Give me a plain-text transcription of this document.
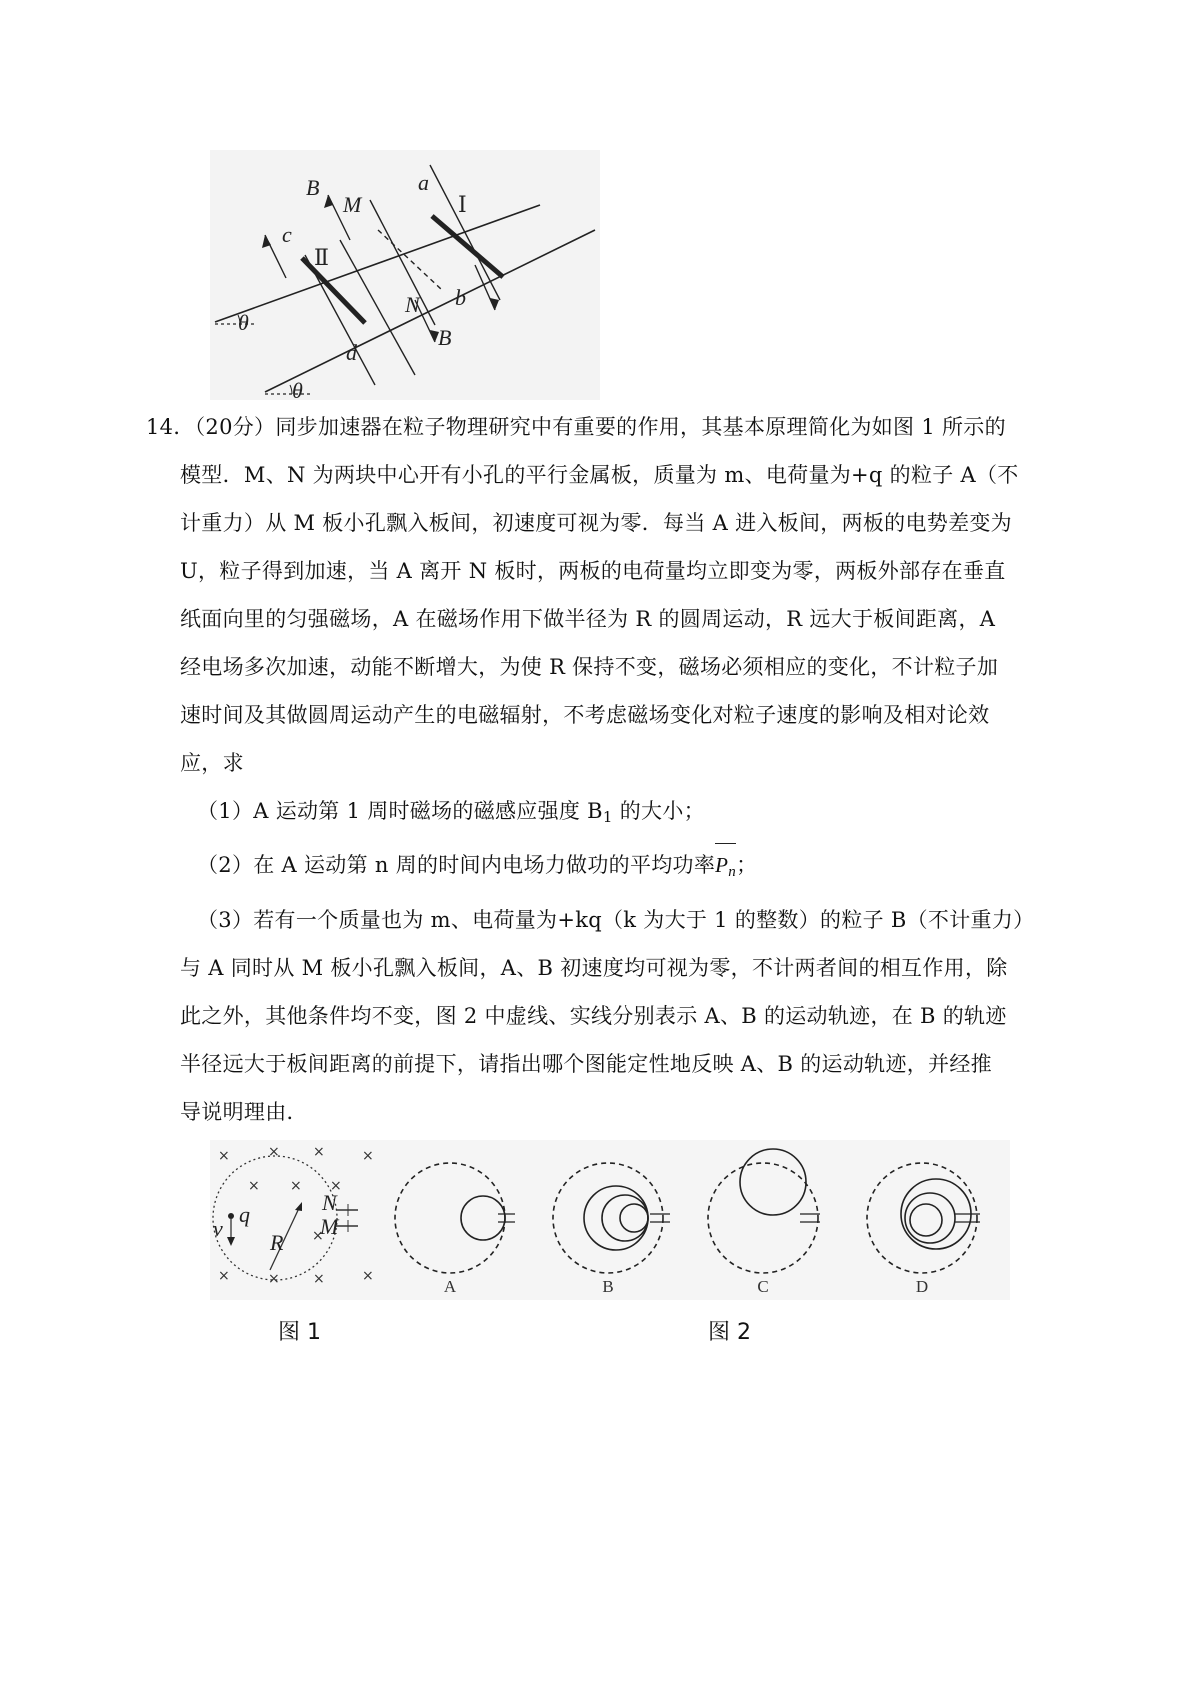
B
M
a
Ⅰ
c
Ⅱ
b
N
B
d
θ
θ

14．（20分）同步加速器在粒子物理研究中有重要的作用，其基本原理简化为如图 1 所示的

模型．M、N 为两块中心开有小孔的平行金属板，质量为 m、电荷量为+q 的粒子 A（不

计重力）从 M 板小孔飘入板间，初速度可视为零．每当 A 进入板间，两板的电势差变为

U，粒子得到加速，当 A 离开 N 板时，两板的电荷量均立即变为零，两板外部存在垂直

纸面向里的匀强磁场，A 在磁场作用下做半径为 R 的圆周运动，R 远大于板间距离，A

经电场多次加速，动能不断增大，为使 R 保持不变，磁场必须相应的变化，不计粒子加

速时间及其做圆周运动产生的电磁辐射，不考虑磁场变化对粒子速度的影响及相对论效

应，求

（1）A 运动第 1 周时磁场的磁感应强度 B1 的大小；

（2）在 A 运动第 n 周的时间内电场力做功的平均功率Pn；

（3）若有一个质量也为 m、电荷量为+kq（k 为大于 1 的整数）的粒子 B（不计重力）

与 A 同时从 M 板小孔飘入板间，A、B 初速度均可视为零，不计两者间的相互作用，除

此之外，其他条件均不变，图 2 中虚线、实线分别表示 A、B 的运动轨迹，在 B 的轨迹

半径远大于板间距离的前提下，请指出哪个图能定性地反映 A、B 的运动轨迹，并经推

导说明理由．

×	× ×	×
× × ×
×
×	× ×	×
q
v
R
N
M
A	B	C	D
图 1	图 2
